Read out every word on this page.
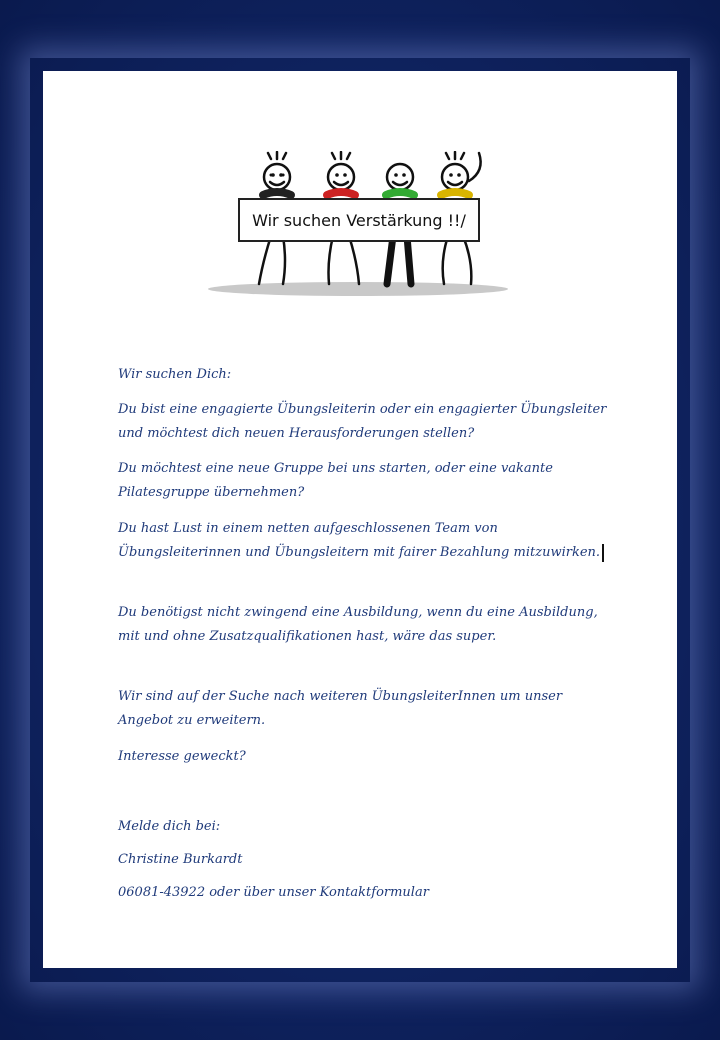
Wir suchen Verstärkung !!/

Wir suchen Dich:

Du bist eine engagierte Übungsleiterin oder ein engagierter Übungsleiter und möchtest dich neuen Herausforderungen stellen?

Du möchtest eine neue Gruppe bei uns starten, oder eine vakante Pilatesgruppe übernehmen?

Du hast Lust in einem netten aufgeschlossenen Team von Übungsleiterinnen und Übungsleitern mit fairer Bezahlung mitzuwirken.

Du benötigst nicht zwingend eine Ausbildung, wenn du eine Ausbildung, mit und ohne Zusatzqualifikationen hast, wäre das super.

Wir sind auf der Suche nach weiteren ÜbungsleiterInnen um unser Angebot zu erweitern.

Interesse geweckt?

Melde dich bei:

Christine Burkardt

06081-43922 oder über unser Kontaktformular
